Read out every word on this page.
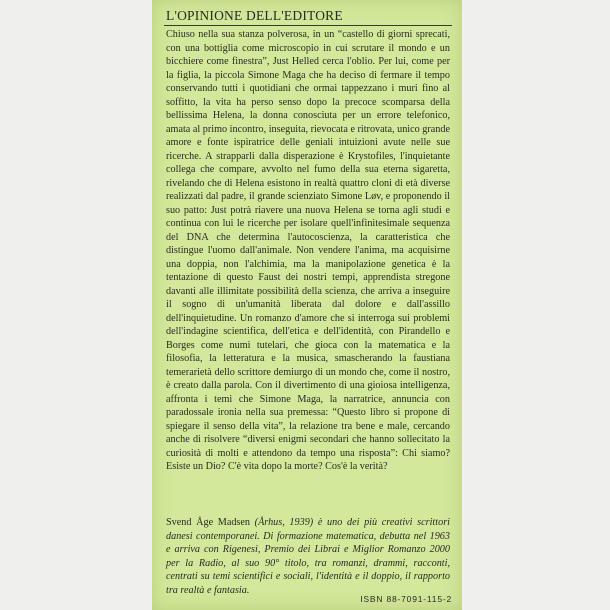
L'OPINIONE DELL'EDITORE
Chiuso nella sua stanza polverosa, in un “castello di giorni sprecati, con una bottiglia come microscopio in cui scrutare il mondo e un bicchiere come finestra”, Just Helled cerca l'oblio. Per lui, come per la figlia, la piccola Simone Maga che ha deciso di fermare il tempo conservando tutti i quotidiani che ormai tappezzano i muri fino al soffitto, la vita ha perso senso dopo la precoce scomparsa della bellissima Helena, la donna conosciuta per un errore telefonico, amata al primo incontro, inseguita, rievocata e ritrovata, unico grande amore e fonte ispiratrice delle geniali intuizioni avute nelle sue ricerche. A strapparli dalla disperazione è Krystofiles, l'inquietante collega che compare, avvolto nel fumo della sua eterna sigaretta, rivelando che di Helena esistono in realtà quattro cloni di età diverse realizzati dal padre, il grande scienziato Simone Løv, e proponendo il suo patto: Just potrà riavere una nuova Helena se torna agli studi e continua con lui le ricerche per isolare quell'infinitesimale sequenza del DNA che determina l'autocoscienza, la caratteristica che distingue l'uomo dall'animale. Non vendere l'anima, ma acquisirne una doppia, non l'alchimia, ma la manipolazione genetica è la tentazione di questo Faust dei nostri tempi, apprendista stregone davanti alle illimitate possibilità della scienza, che arriva a inseguire il sogno di un'umanità liberata dal dolore e dall'assillo dell'inquietudine. Un romanzo d'amore che si interroga sui problemi dell'indagine scientifica, dell'etica e dell'identità, con Pirandello e Borges come numi tutelari, che gioca con la matematica e la filosofia, la letteratura e la musica, smascherando la faustiana temerarietà dello scrittore demiurgo di un mondo che, come il nostro, è creato dalla parola. Con il divertimento di una gioiosa intelligenza, affronta i temi che Simone Maga, la narratrice, annuncia con paradossale ironia nella sua premessa: “Questo libro si propone di spiegare il senso della vita”, la relazione tra bene e male, cercando anche di risolvere “diversi enigmi secondari che hanno sollecitato la curiosità di molti e attendono da tempo una risposta”: Chi siamo? Esiste un Dio? C'è vita dopo la morte? Cos'è la verità?
Svend Åge Madsen (Århus, 1939) è uno dei più creativi scrittori danesi contemporanei. Di formazione matematica, debutta nel 1963 e arriva con Rigenesi, Premio dei Librai e Miglior Romanzo 2000 per la Radio, al suo 90° titolo, tra romanzi, drammi, racconti, centrati su temi scientifici e sociali, l'identità e il doppio, il rapporto tra realtà e fantasia.
ISBN 88-7091-115-2
